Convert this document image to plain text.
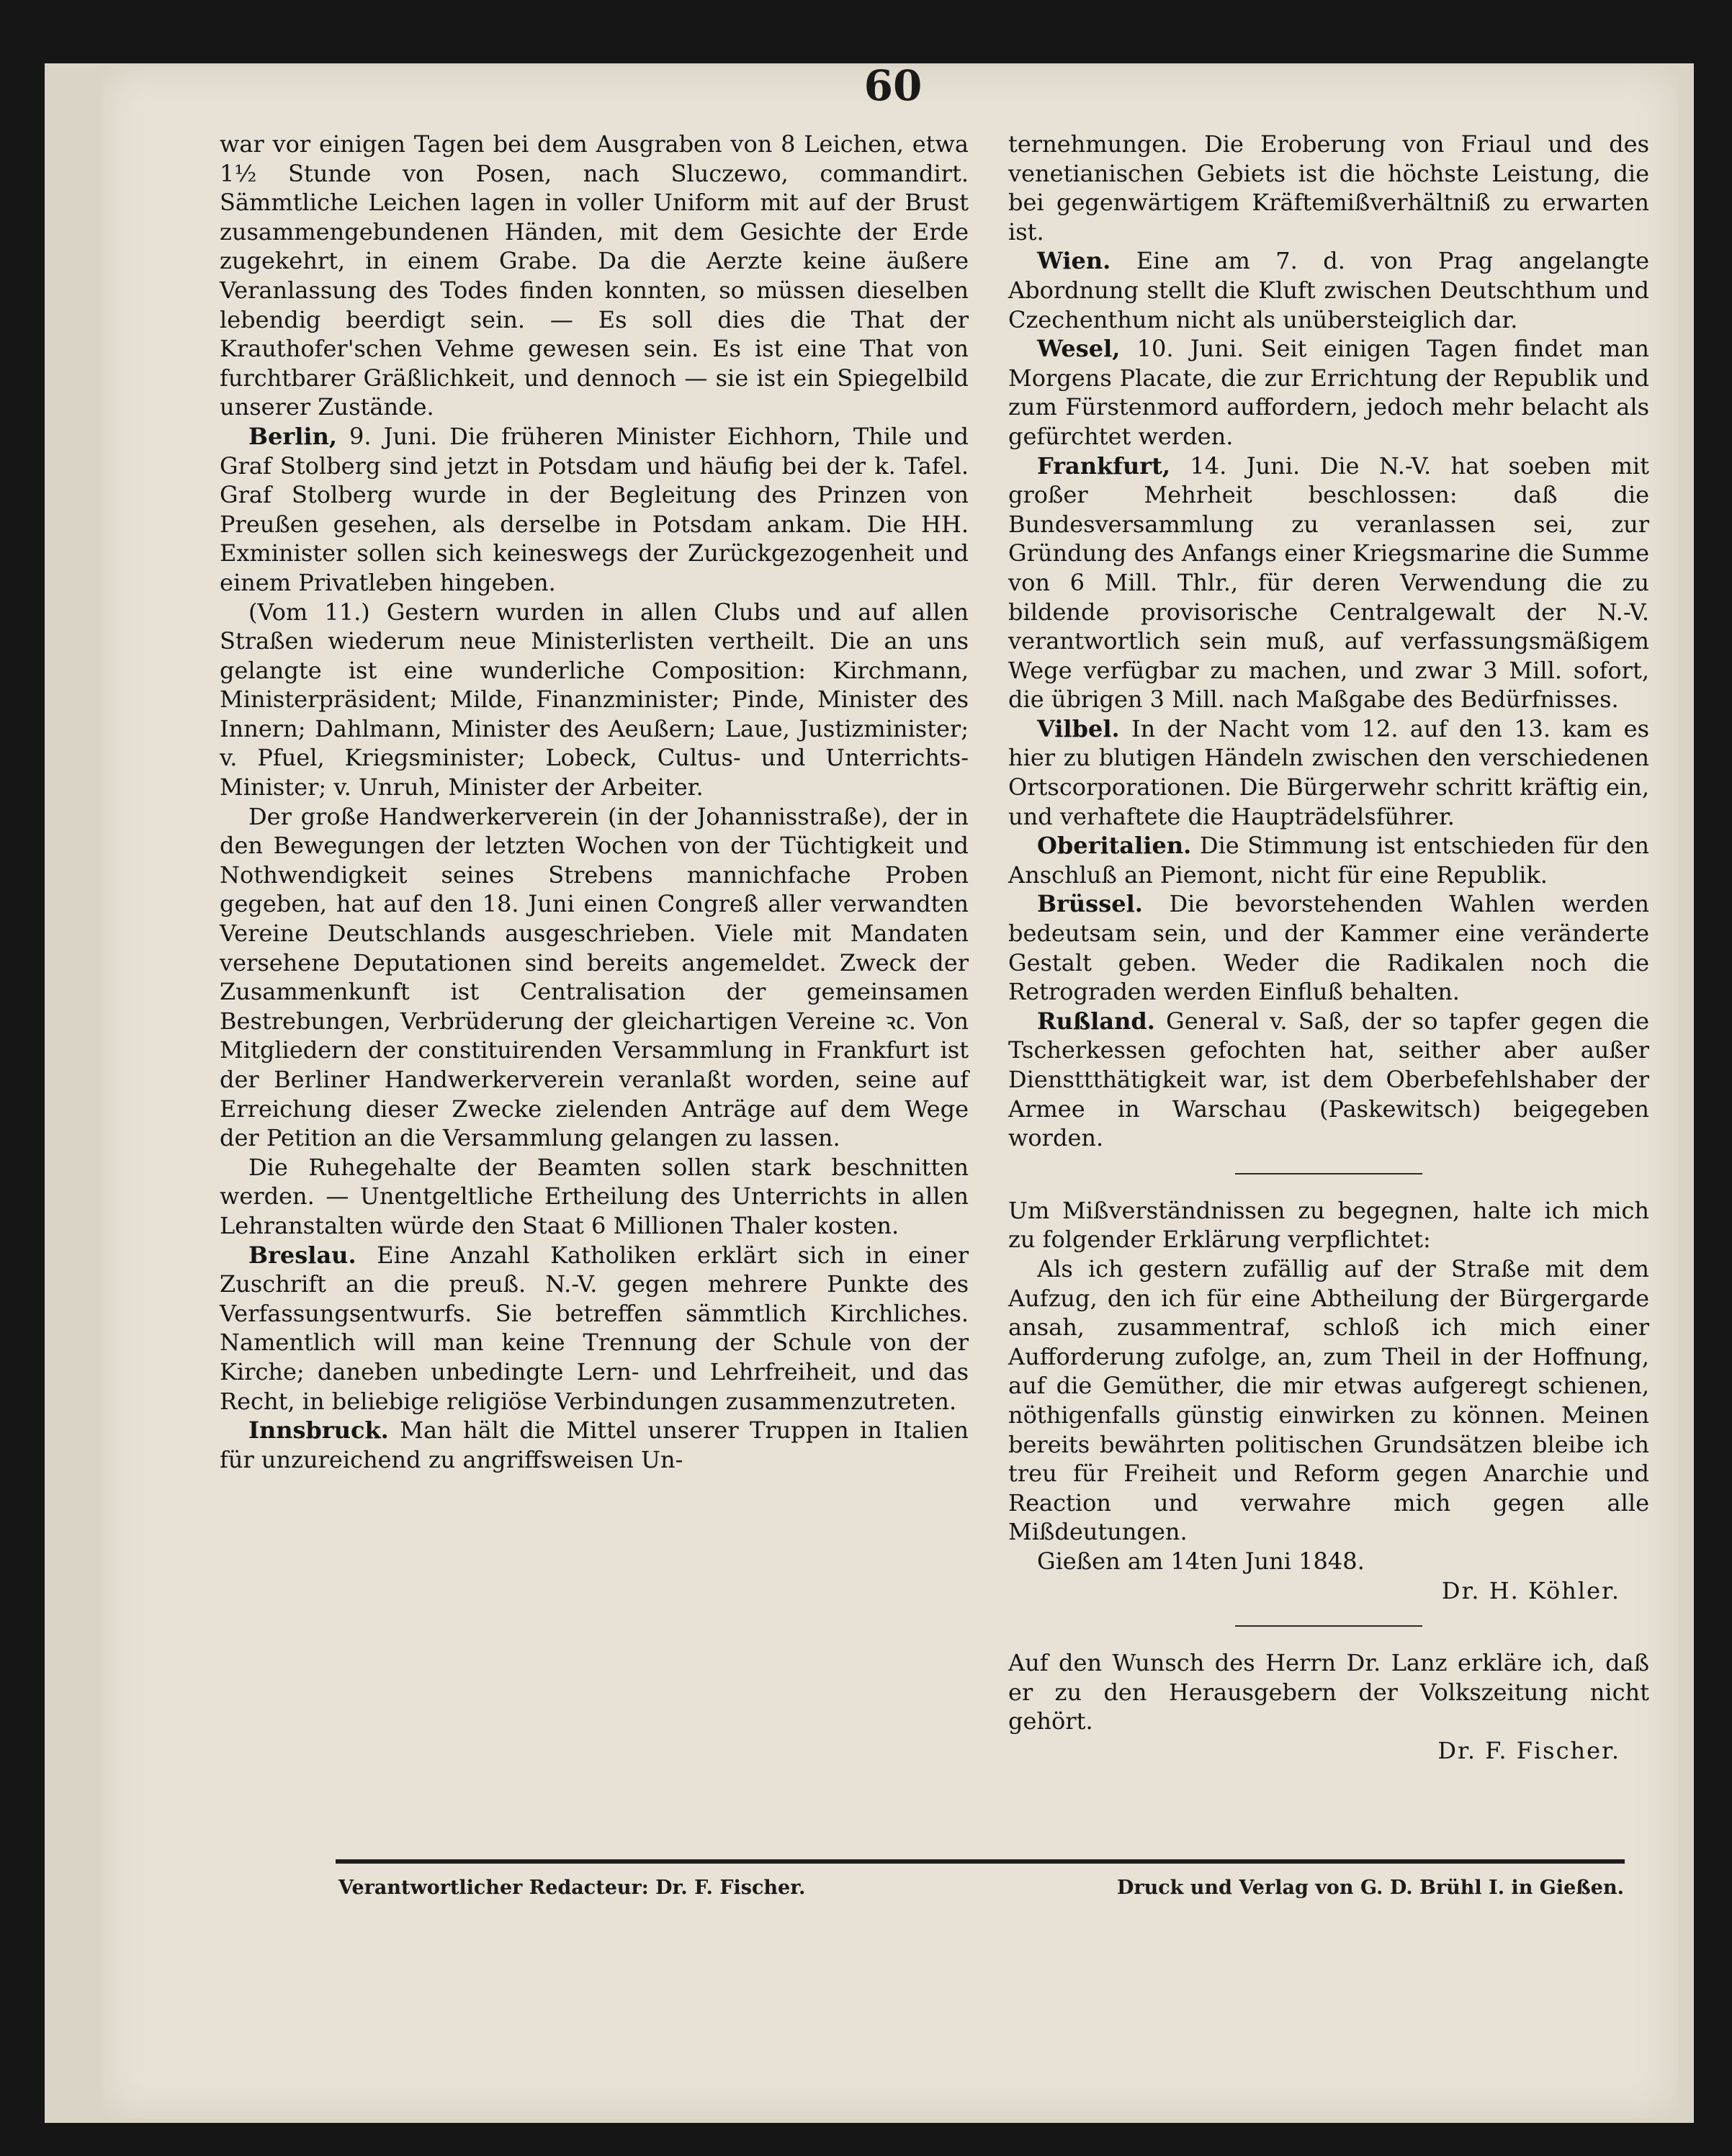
60

war vor einigen Tagen bei dem Ausgraben von 8 Leichen, etwa 1½ Stunde von Posen, nach Sluczewo, commandirt. Sämmtliche Leichen lagen in voller Uniform mit auf der Brust zusammengebundenen Händen, mit dem Gesichte der Erde zugekehrt, in einem Grabe. Da die Aerzte keine äußere Veranlassung des Todes finden konnten, so müssen dieselben lebendig beerdigt sein. — Es soll dies die That der Krauthofer'schen Vehme gewesen sein. Es ist eine That von furchtbarer Gräßlichkeit, und dennoch — sie ist ein Spiegelbild unserer Zustände.

Berlin, 9. Juni. Die früheren Minister Eichhorn, Thile und Graf Stolberg sind jetzt in Potsdam und häufig bei der k. Tafel. Graf Stolberg wurde in der Begleitung des Prinzen von Preußen gesehen, als derselbe in Potsdam ankam. Die HH. Exminister sollen sich keineswegs der Zurückgezogenheit und einem Privatleben hingeben.

(Vom 11.) Gestern wurden in allen Clubs und auf allen Straßen wiederum neue Ministerlisten vertheilt. Die an uns gelangte ist eine wunderliche Composition: Kirchmann, Ministerpräsident; Milde, Finanzminister; Pinde, Minister des Innern; Dahlmann, Minister des Aeußern; Laue, Justizminister; v. Pfuel, Kriegsminister; Lobeck, Cultus- und Unterrichts-Minister; v. Unruh, Minister der Arbeiter.

Der große Handwerkerverein (in der Johannisstraße), der in den Bewegungen der letzten Wochen von der Tüchtigkeit und Nothwendigkeit seines Strebens mannichfache Proben gegeben, hat auf den 18. Juni einen Congreß aller verwandten Vereine Deutschlands ausgeschrieben. Viele mit Mandaten versehene Deputationen sind bereits angemeldet. Zweck der Zusammenkunft ist Centralisation der gemeinsamen Bestrebungen, Verbrüderung der gleichartigen Vereine ꝛc. Von Mitgliedern der constituirenden Versammlung in Frankfurt ist der Berliner Handwerkerverein veranlaßt worden, seine auf Erreichung dieser Zwecke zielenden Anträge auf dem Wege der Petition an die Versammlung gelangen zu lassen.

Die Ruhegehalte der Beamten sollen stark beschnitten werden. — Unentgeltliche Ertheilung des Unterrichts in allen Lehranstalten würde den Staat 6 Millionen Thaler kosten.

Breslau. Eine Anzahl Katholiken erklärt sich in einer Zuschrift an die preuß. N.-V. gegen mehrere Punkte des Verfassungsentwurfs. Sie betreffen sämmtlich Kirchliches. Namentlich will man keine Trennung der Schule von der Kirche; daneben unbedingte Lern- und Lehrfreiheit, und das Recht, in beliebige religiöse Verbindungen zusammenzutreten.

Innsbruck. Man hält die Mittel unserer Truppen in Italien für unzureichend zu angriffsweisen Un-

ternehmungen. Die Eroberung von Friaul und des venetianischen Gebiets ist die höchste Leistung, die bei gegenwärtigem Kräftemißverhältniß zu erwarten ist.

Wien. Eine am 7. d. von Prag angelangte Abordnung stellt die Kluft zwischen Deutschthum und Czechenthum nicht als unübersteiglich dar.

Wesel, 10. Juni. Seit einigen Tagen findet man Morgens Placate, die zur Errichtung der Republik und zum Fürstenmord auffordern, jedoch mehr belacht als gefürchtet werden.

Frankfurt, 14. Juni. Die N.-V. hat soeben mit großer Mehrheit beschlossen: daß die Bundesversammlung zu veranlassen sei, zur Gründung des Anfangs einer Kriegsmarine die Summe von 6 Mill. Thlr., für deren Verwendung die zu bildende provisorische Centralgewalt der N.-V. verantwortlich sein muß, auf verfassungsmäßigem Wege verfügbar zu machen, und zwar 3 Mill. sofort, die übrigen 3 Mill. nach Maßgabe des Bedürfnisses.

Vilbel. In der Nacht vom 12. auf den 13. kam es hier zu blutigen Händeln zwischen den verschiedenen Ortscorporationen. Die Bürgerwehr schritt kräftig ein, und verhaftete die Haupträdelsführer.

Oberitalien. Die Stimmung ist entschieden für den Anschluß an Piemont, nicht für eine Republik.

Brüssel. Die bevorstehenden Wahlen werden bedeutsam sein, und der Kammer eine veränderte Gestalt geben. Weder die Radikalen noch die Retrograden werden Einfluß behalten.

Rußland. General v. Saß, der so tapfer gegen die Tscherkessen gefochten hat, seither aber außer Diensttthätigkeit war, ist dem Oberbefehlshaber der Armee in Warschau (Paskewitsch) beigegeben worden.

Um Mißverständnissen zu begegnen, halte ich mich zu folgender Erklärung verpflichtet:

Als ich gestern zufällig auf der Straße mit dem Aufzug, den ich für eine Abtheilung der Bürgergarde ansah, zusammentraf, schloß ich mich einer Aufforderung zufolge, an, zum Theil in der Hoffnung, auf die Gemüther, die mir etwas aufgeregt schienen, nöthigenfalls günstig einwirken zu können. Meinen bereits bewährten politischen Grundsätzen bleibe ich treu für Freiheit und Reform gegen Anarchie und Reaction und verwahre mich gegen alle Mißdeutungen.

Gießen am 14ten Juni 1848.

Dr. H. Köhler.

Auf den Wunsch des Herrn Dr. Lanz erkläre ich, daß er zu den Herausgebern der Volkszeitung nicht gehört.

Dr. F. Fischer.

Verantwortlicher Redacteur: Dr. F. Fischer.	Druck und Verlag von G. D. Brühl I. in Gießen.
